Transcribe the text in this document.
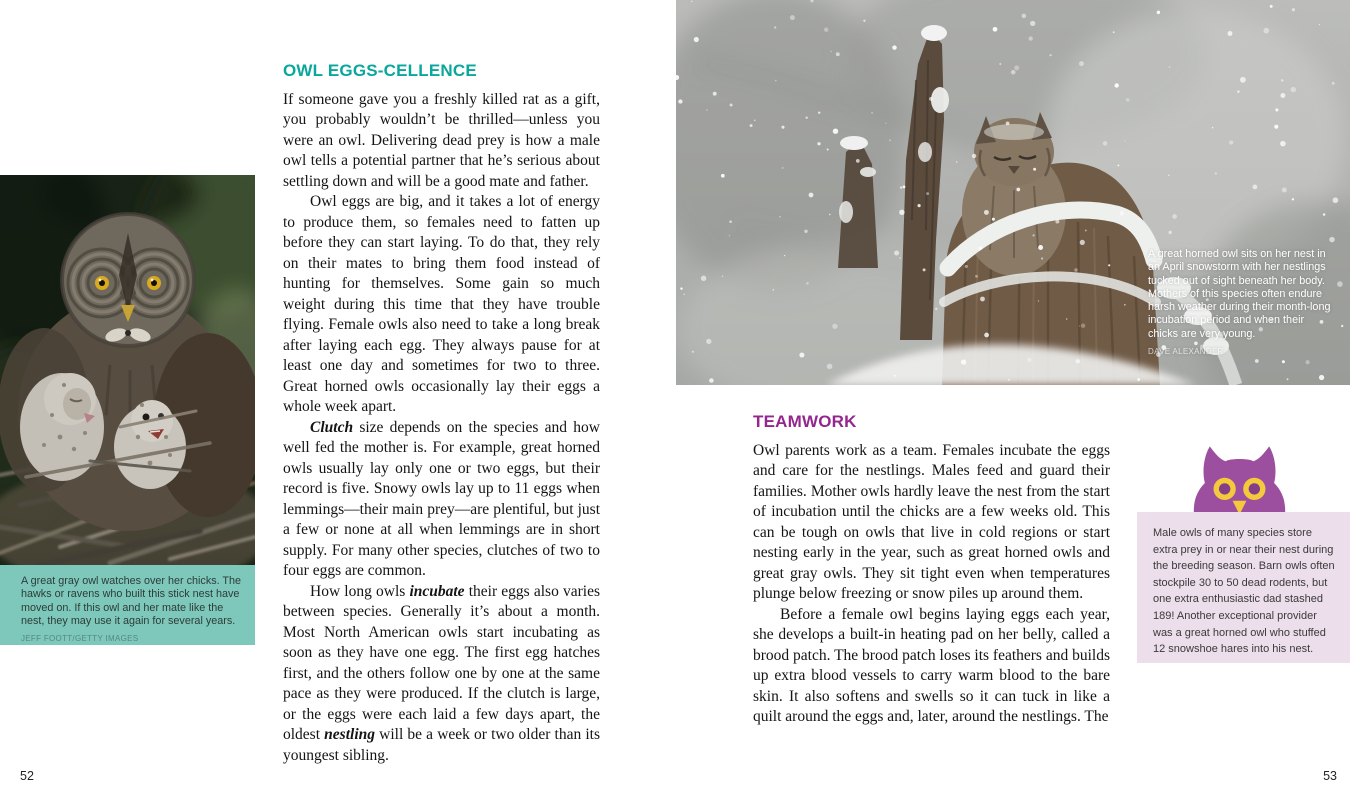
A great gray owl watches over her chicks. The hawks or ravens who built this stick nest have moved on. If this owl and her mate like the nest, they may use it again for several years.

JEFF FOOTT/GETTY IMAGES

OWL EGGS-CELLENCE

If someone gave you a freshly killed rat as a gift, you probably wouldn’t be thrilled—unless you were an owl. Delivering dead prey is how a male owl tells a potential partner that he’s serious about settling down and will be a good mate and father.

Owl eggs are big, and it takes a lot of energy to produce them, so females need to fatten up before they can start laying. To do that, they rely on their mates to bring them food instead of hunting for themselves. Some gain so much weight during this time that they have trouble flying. Female owls also need to take a long break after laying each egg. They always pause for at least one day and sometimes for two to three. Great horned owls occasionally lay their eggs a whole week apart.

Clutch size depends on the species and how well fed the mother is. For example, great horned owls usually lay only one or two eggs, but their record is five. Snowy owls lay up to 11 eggs when lemmings—their main prey—are plentiful, but just a few or none at all when lemmings are in short supply. For many other species, clutches of two to four eggs are common.

How long owls incubate their eggs also varies between species. Generally it’s about a month. Most North American owls start incubating as soon as they have one egg. The first egg hatches first, and the others follow one by one at the same pace as they were produced. If the clutch is large, or the eggs were each laid a few days apart, the oldest nestling will be a week or two older than its youngest sibling.

52

A great horned owl sits on her nest in an April snowstorm with her nestlings tucked out of sight beneath her body. Mothers of this species often endure harsh weather during their month-long incubation period and when their chicks are very young.

DAVE ALEXANDER

TEAMWORK

Owl parents work as a team. Females incubate the eggs and care for the nestlings. Males feed and guard their families. Mother owls hardly leave the nest from the start of incubation until the chicks are a few weeks old. This can be tough on owls that live in cold regions or start nesting early in the year, such as great horned owls and great gray owls. They sit tight even when temperatures plunge below freezing or snow piles up around them.

Before a female owl begins laying eggs each year, she develops a built-in heating pad on her belly, called a brood patch. The brood patch loses its feathers and builds up extra blood vessels to carry warm blood to the bare skin. It also softens and swells so it can tuck in like a quilt around the eggs and, later, around the nestlings. The

Male owls of many species store extra prey in or near their nest during the breeding season. Barn owls often stockpile 30 to 50 dead rodents, but one extra enthusiastic dad stashed 189! Another exceptional provider was a great horned owl who stuffed 12 snowshoe hares into his nest.

53
